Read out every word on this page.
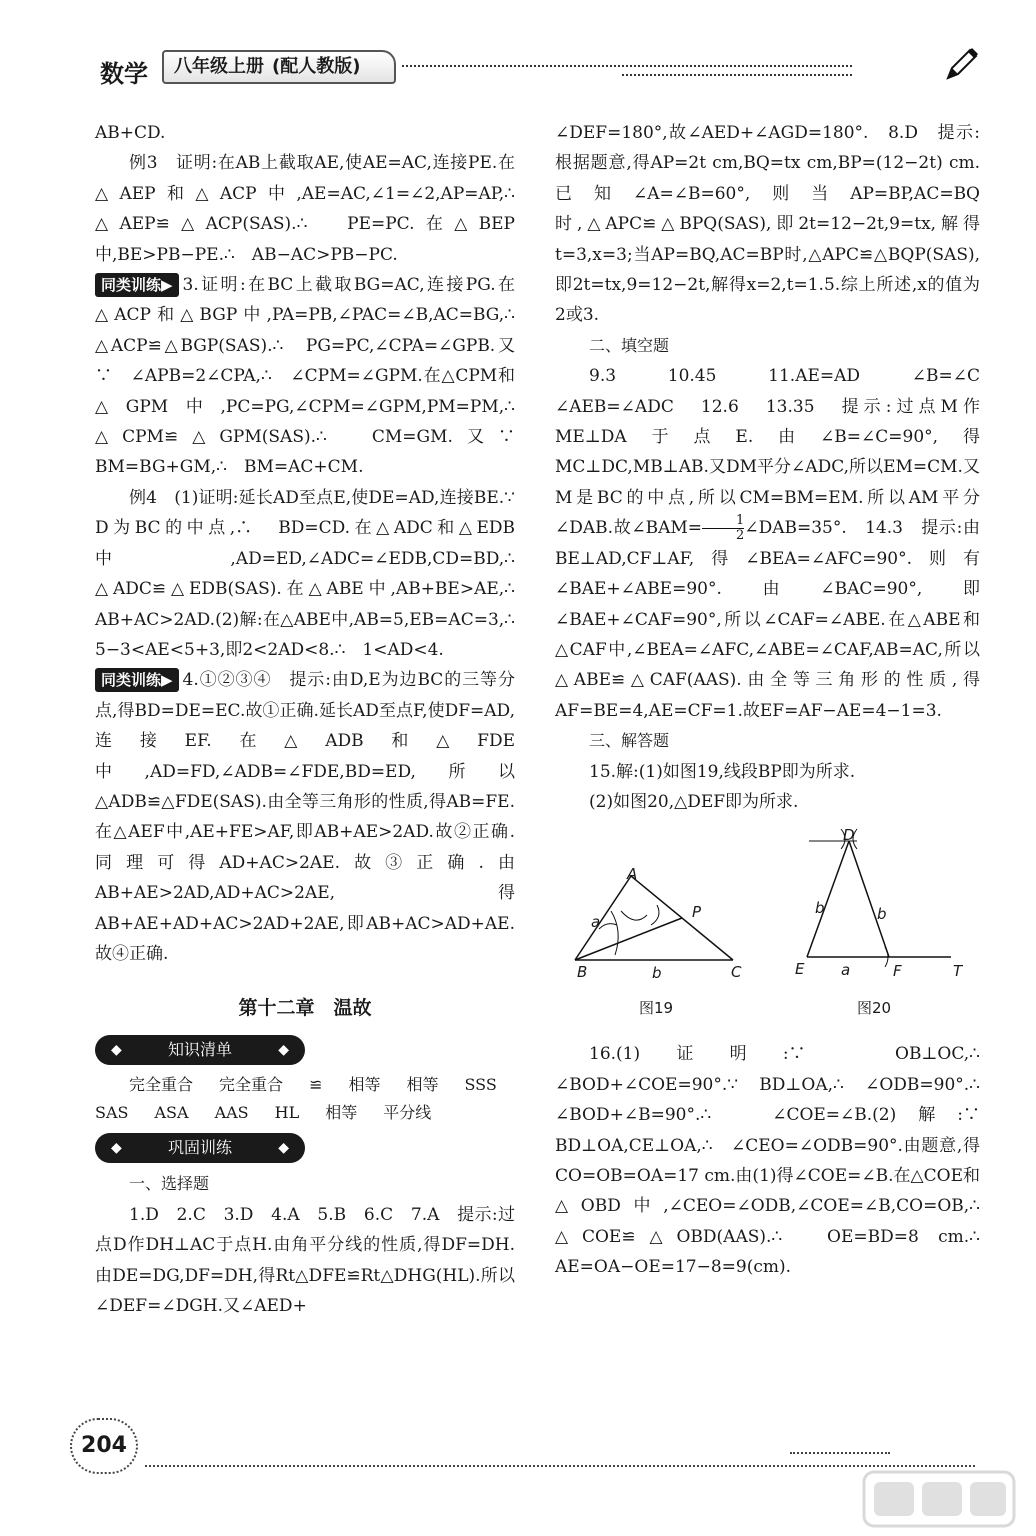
数学	八年级上册 (配人教版)

AB+CD.

例3　证明:在AB上截取AE,使AE=AC,连接PE.在△AEP和△ACP中,AE=AC,∠1=∠2,AP=AP,∴　△AEP≌△ACP(SAS).∴　PE=PC.在△BEP中,BE>PB−PE.∴　AB−AC>PB−PC.

同类训练▶ 3.证明:在BC上截取BG=AC,连接PG.在△ACP和△BGP中,PA=PB,∠PAC=∠B,AC=BG,∴　△ACP≌△BGP(SAS).∴　PG=PC,∠CPA=∠GPB.又∵　∠APB=2∠CPA,∴　∠CPM=∠GPM.在△CPM和△GPM中,PC=PG,∠CPM=∠GPM,PM=PM,∴　△CPM≌△GPM(SAS).∴　CM=GM.又∵　BM=BG+GM,∴　BM=AC+CM.

例4　(1)证明:延长AD至点E,使DE=AD,连接BE.∵　D为BC的中点,∴　BD=CD.在△ADC和△EDB中,AD=ED,∠ADC=∠EDB,CD=BD,∴　△ADC≌△EDB(SAS).在△ABE中,AB+BE>AE,∴　AB+AC>2AD.(2)解:在△ABE中,AB=5,EB=AC=3,∴　5−3<AE<5+3,即2<2AD<8.∴　1<AD<4.

同类训练▶ 4.①②③④　提示:由D,E为边BC的三等分点,得BD=DE=EC.故①正确.延长AD至点F,使DF=AD,连接EF.在△ADB和△FDE中,AD=FD,∠ADB=∠FDE,BD=ED,所以△ADB≌△FDE(SAS).由全等三角形的性质,得AB=FE.在△AEF中,AE+FE>AF,即AB+AE>2AD.故②正确.同理可得AD+AC>2AE.故③正确.由AB+AE>2AD,AD+AC>2AE,得AB+AE+AD+AC>2AD+2AE,即AB+AC>AD+AE.故④正确.

第十二章　温故
◆	知识清单	◆
完全重合 完全重合 ≌ 相等 相等 SSS
SAS ASA AAS HL 相等 平分线
◆	巩固训练	◆

一、选择题

1.D　2.C　3.D　4.A　5.B　6.C　7.A　提示:过点D作DH⊥AC于点H.由角平分线的性质,得DF=DH.由DE=DG,DF=DH,得Rt△DFE≌Rt△DHG(HL).所以∠DEF=∠DGH.又∠AED+

∠DEF=180°,故∠AED+∠AGD=180°.　8.D　提示:根据题意,得AP=2t cm,BQ=tx cm,BP=(12−2t) cm.已知∠A=∠B=60°,则当AP=BP,AC=BQ时,△APC≌△BPQ(SAS),即2t=12−2t,9=tx,解得t=3,x=3;当AP=BQ,AC=BP时,△APC≌△BQP(SAS),即2t=tx,9=12−2t,解得x=2,t=1.5.综上所述,x的值为2或3.

二、填空题

9.3　10.45　11.AE=AD　∠B=∠C　∠AEB=∠ADC　12.6　13.35　提示:过点M作ME⊥DA于点E.由∠B=∠C=90°,得MC⊥DC,MB⊥AB.又DM平分∠ADC,所以EM=CM.又M是BC的中点,所以CM=BM=EM.所以AM平分∠DAB.故∠BAM= $\frac{1}{2}$ ∠DAB=35°.　14.3　提示:由BE⊥AD,CF⊥AF,得∠BEA=∠AFC=90°.则有∠BAE+∠ABE=90°.由∠BAC=90°,即∠BAE+∠CAF=90°,所以∠CAF=∠ABE.在△ABE和△CAF中,∠BEA=∠AFC,∠ABE=∠CAF,AB=AC,所以△ABE≌△CAF(AAS).由全等三角形的性质,得AF=BE=4,AE=CF=1.故EF=AF−AE=4−1=3.

三、解答题

15.解:(1)如图19,线段BP即为所求.

(2)如图20,△DEF即为所求.

A
B	C
P
a
b
图19
D
E	F	T
a
b	b
图20

16.(1)证明:∵　OB⊥OC,∴　∠BOD+∠COE=90°.∵　BD⊥OA,∴　∠ODB=90°.∴　∠BOD+∠B=90°.∴　∠COE=∠B.(2)解:∵　BD⊥OA,CE⊥OA,∴　∠CEO=∠ODB=90°.由题意,得CO=OB=OA=17 cm.由(1)得∠COE=∠B.在△COE和△OBD中,∠CEO=∠ODB,∠COE=∠B,CO=OB,∴　△COE≌△OBD(AAS).∴　OE=BD=8 cm.∴　AE=OA−OE=17−8=9(cm).

204
